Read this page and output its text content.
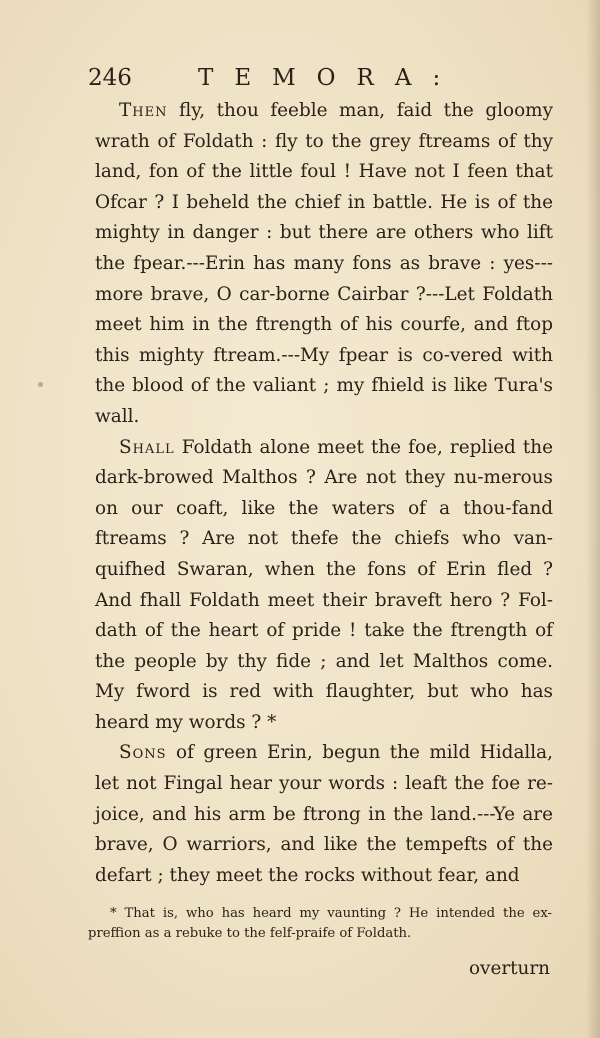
246	TEMORA:

Then fly, thou feeble man, faid the gloomy wrath of Foldath : fly to the grey ftreams of thy land, fon of the little foul ! Have not I feen that Ofcar ? I beheld the chief in battle. He is of the mighty in danger : but there are others who lift the fpear.---Erin has many fons as brave : yes---more brave, O car-borne Cairbar ?---Let Foldath meet him in the ftrength of his courfe, and ftop this mighty ftream.---My fpear is co-vered with the blood of the valiant ; my fhield is like Tura's wall.

Shall Foldath alone meet the foe, replied the dark-browed Malthos ? Are not they nu-merous on our coaft, like the waters of a thou-fand ftreams ? Are not thefe the chiefs who van-quifhed Swaran, when the fons of Erin fled ? And fhall Foldath meet their braveft hero ? Fol-dath of the heart of pride ! take the ftrength of the people by thy fide ; and let Malthos come. My fword is red with flaughter, but who has heard my words ? *

Sons of green Erin, begun the mild Hidalla, let not Fingal hear your words : leaft the foe re-joice, and his arm be ftrong in the land.---Ye are brave, O warriors, and like the tempefts of the defart ; they meet the rocks without fear, and

* That is, who has heard my vaunting ? He intended the ex-preffion as a rebuke to the felf-praife of Foldath.
overturn
